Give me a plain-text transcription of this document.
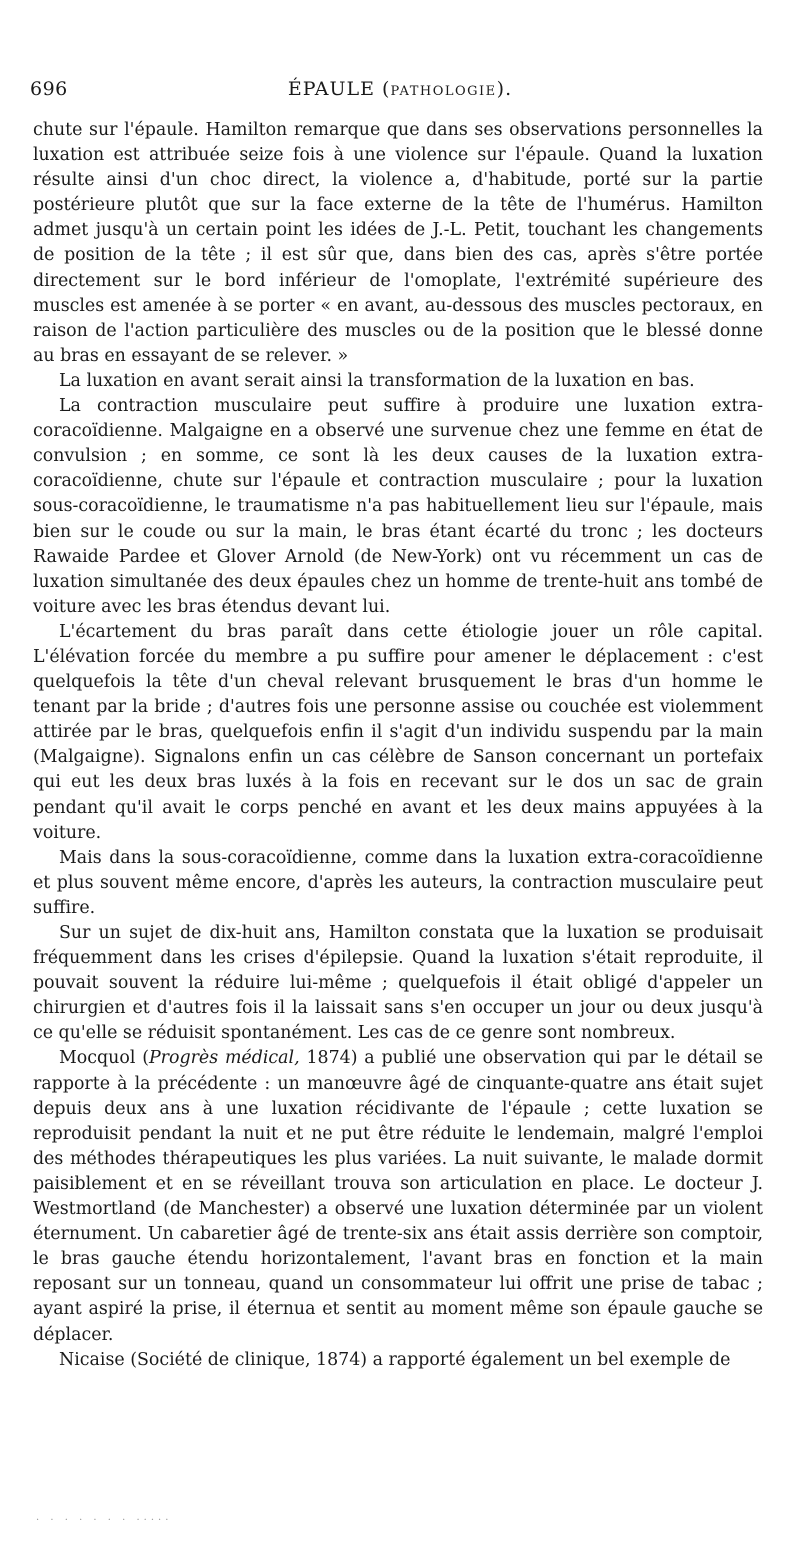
696	ÉPAULE (PATHOLOGIE).

chute sur l'épaule. Hamilton remarque que dans ses observations personnelles la luxation est attribuée seize fois à une violence sur l'épaule. Quand la luxation résulte ainsi d'un choc direct, la violence a, d'habitude, porté sur la partie postérieure plutôt que sur la face externe de la tête de l'humérus. Hamilton admet jusqu'à un certain point les idées de J.-L. Petit, touchant les changements de position de la tête ; il est sûr que, dans bien des cas, après s'être portée directement sur le bord inférieur de l'omoplate, l'extrémité supérieure des muscles est amenée à se porter « en avant, au-dessous des muscles pectoraux, en raison de l'action particulière des muscles ou de la position que le blessé donne au bras en essayant de se relever. »

La luxation en avant serait ainsi la transformation de la luxation en bas.

La contraction musculaire peut suffire à produire une luxation extra-coracoïdienne. Malgaigne en a observé une survenue chez une femme en état de convulsion ; en somme, ce sont là les deux causes de la luxation extra-coracoïdienne, chute sur l'épaule et contraction musculaire ; pour la luxation sous-coracoïdienne, le traumatisme n'a pas habituellement lieu sur l'épaule, mais bien sur le coude ou sur la main, le bras étant écarté du tronc ; les docteurs Rawaide Pardee et Glover Arnold (de New-York) ont vu récemment un cas de luxation simultanée des deux épaules chez un homme de trente-huit ans tombé de voiture avec les bras étendus devant lui.

L'écartement du bras paraît dans cette étiologie jouer un rôle capital. L'élévation forcée du membre a pu suffire pour amener le déplacement : c'est quelquefois la tête d'un cheval relevant brusquement le bras d'un homme le tenant par la bride ; d'autres fois une personne assise ou couchée est violemment attirée par le bras, quelquefois enfin il s'agit d'un individu suspendu par la main (Malgaigne). Signalons enfin un cas célèbre de Sanson concernant un portefaix qui eut les deux bras luxés à la fois en recevant sur le dos un sac de grain pendant qu'il avait le corps penché en avant et les deux mains appuyées à la voiture.

Mais dans la sous-coracoïdienne, comme dans la luxation extra-coracoïdienne et plus souvent même encore, d'après les auteurs, la contraction musculaire peut suffire.

Sur un sujet de dix-huit ans, Hamilton constata que la luxation se produisait fréquemment dans les crises d'épilepsie. Quand la luxation s'était reproduite, il pouvait souvent la réduire lui-même ; quelquefois il était obligé d'appeler un chirurgien et d'autres fois il la laissait sans s'en occuper un jour ou deux jusqu'à ce qu'elle se réduisit spontanément. Les cas de ce genre sont nombreux.

Mocquol (Progrès médical, 1874) a publié une observation qui par le détail se rapporte à la précédente : un manœuvre âgé de cinquante-quatre ans était sujet depuis deux ans à une luxation récidivante de l'épaule ; cette luxation se reproduisit pendant la nuit et ne put être réduite le lendemain, malgré l'emploi des méthodes thérapeutiques les plus variées. La nuit suivante, le malade dormit paisiblement et en se réveillant trouva son articulation en place. Le docteur J. Westmortland (de Manchester) a observé une luxation déterminée par un violent éternument. Un cabaretier âgé de trente-six ans était assis derrière son comptoir, le bras gauche étendu horizontalement, l'avant bras en fonction et la main reposant sur un tonneau, quand un consommateur lui offrit une prise de tabac ; ayant aspiré la prise, il éternua et sentit au moment même son épaule gauche se déplacer.

Nicaise (Société de clinique, 1874) a rapporté également un bel exemple de

· · · · · · · ·····
